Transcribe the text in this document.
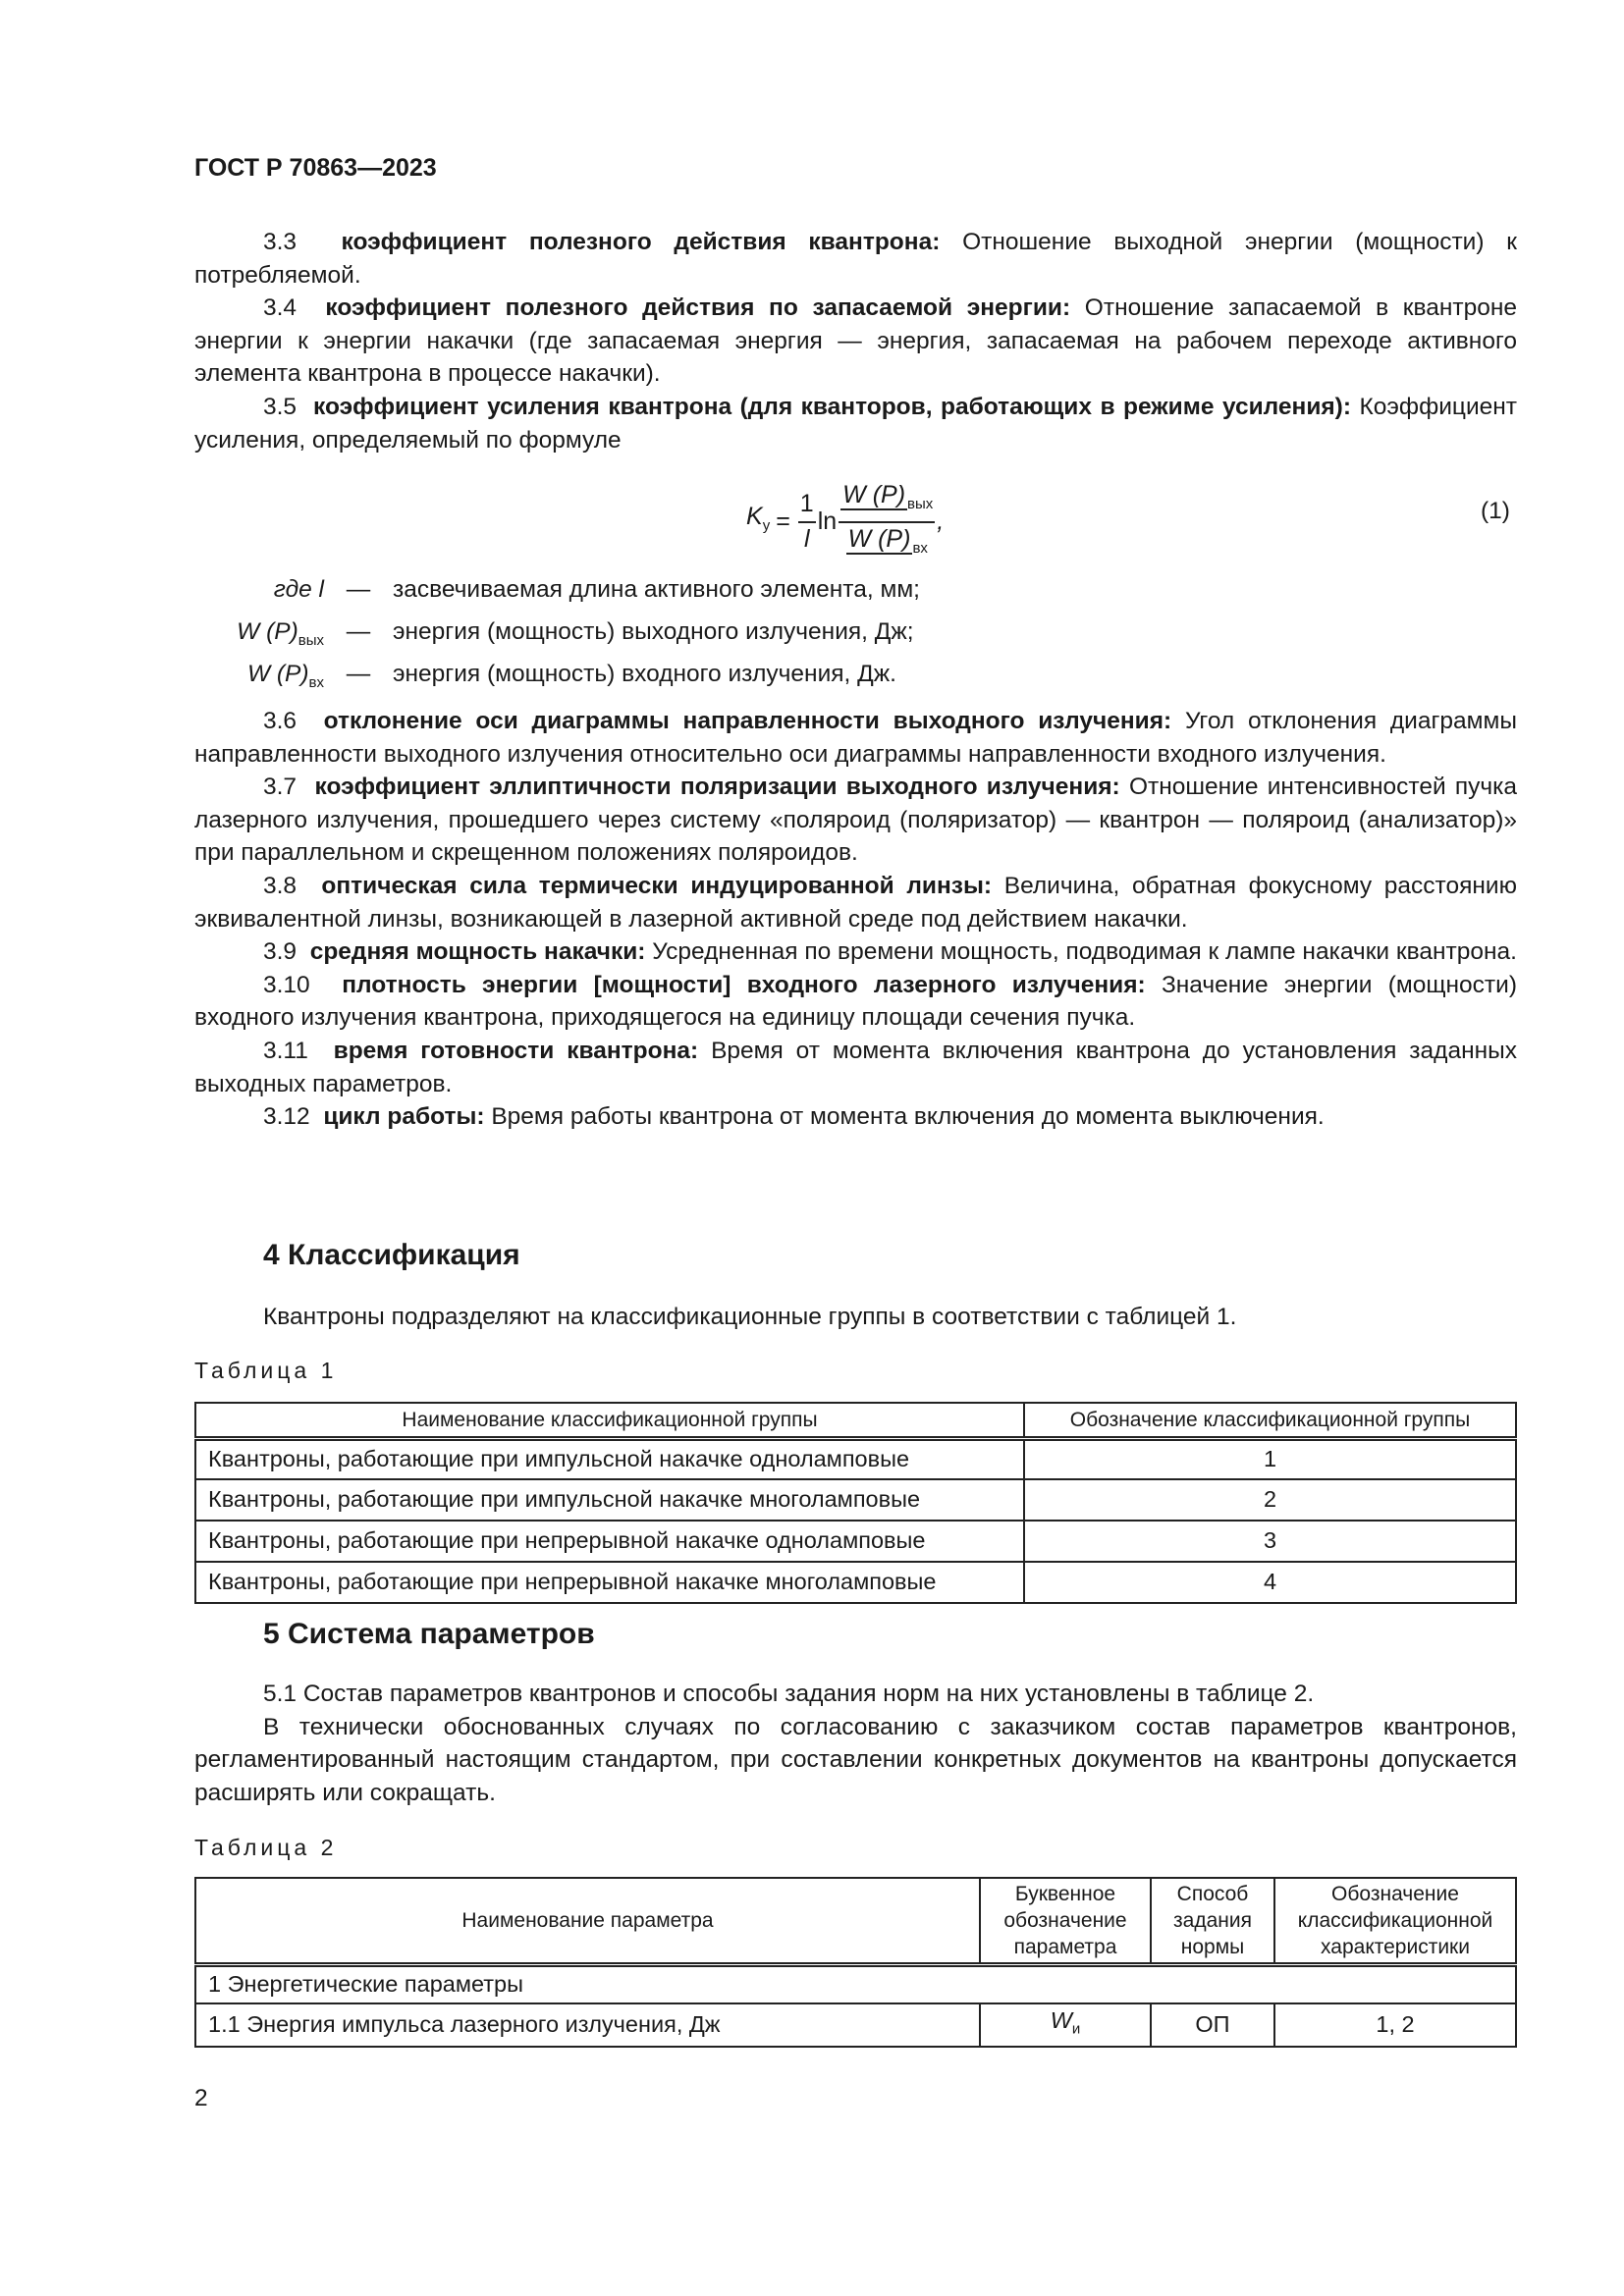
ГОСТ Р 70863—2023

3.3 коэффициент полезного действия квантрона: Отношение выходной энергии (мощности) к потребляемой.

3.4 коэффициент полезного действия по запасаемой энергии: Отношение запасаемой в квантроне энергии к энергии накачки (где запасаемая энергия — энергия, запасаемая на рабочем переходе активного элемента квантрона в процессе накачки).

3.5 коэффициент усиления квантрона (для кванторов, работающих в режиме усиления): Коэффициент усиления, определяемый по формуле

$K_у = \frac{1}{l}$ $\ln \frac{W (P) _{вых}}{W (P) _{вх}}$ ,	(1)
где l — засвечиваемая длина активного элемента, мм;
W $(P)_{вых}$ — энергия (мощность) выходного излучения, Дж;
W $(P)_{вх}$ — энергия (мощность) входного излучения, Дж.

3.6 отклонение оси диаграммы направленности выходного излучения: Угол отклонения диаграммы направленности выходного излучения относительно оси диаграммы направленности входного излучения.

3.7 коэффициент эллиптичности поляризации выходного излучения: Отношение интенсивностей пучка лазерного излучения, прошедшего через систему «поляроид (поляризатор) — квантрон — поляроид (анализатор)» при параллельном и скрещенном положениях поляроидов.

3.8 оптическая сила термически индуцированной линзы: Величина, обратная фокусному расстоянию эквивалентной линзы, возникающей в лазерной активной среде под действием накачки.

3.9 средняя мощность накачки: Усредненная по времени мощность, подводимая к лампе накачки квантрона.

3.10 плотность энергии [мощности] входного лазерного излучения: Значение энергии (мощности) входного излучения квантрона, приходящегося на единицу площади сечения пучка.

3.11 время готовности квантрона: Время от момента включения квантрона до установления заданных выходных параметров.

3.12 цикл работы: Время работы квантрона от момента включения до момента выключения.

4 Классификация

Квантроны подразделяют на классификационные группы в соответствии с таблицей 1.

Таблица 1
Наименование классификационной группы	Обозначение классификационной группы
Квантроны, работающие при импульсной накачке одноламповые	1
Квантроны, работающие при импульсной накачке многоламповые	2
Квантроны, работающие при непрерывной накачке одноламповые	3
Квантроны, работающие при непрерывной накачке многоламповые	4
5 Система параметров

5.1 Состав параметров квантронов и способы задания норм на них установлены в таблице 2.

В технически обоснованных случаях по согласованию с заказчиком состав параметров квантронов, регламентированный настоящим стандартом, при составлении конкретных документов на квантроны допускается расширять или сокращать.

Таблица 2
Наименование параметра	Буквенное обозначение параметра	Способ задания нормы	Обозначение классификационной характеристики
1 Энергетические параметры			
1.1 Энергия импульса лазерного излучения, Дж	$W_и$	ОП	1, 2
2
